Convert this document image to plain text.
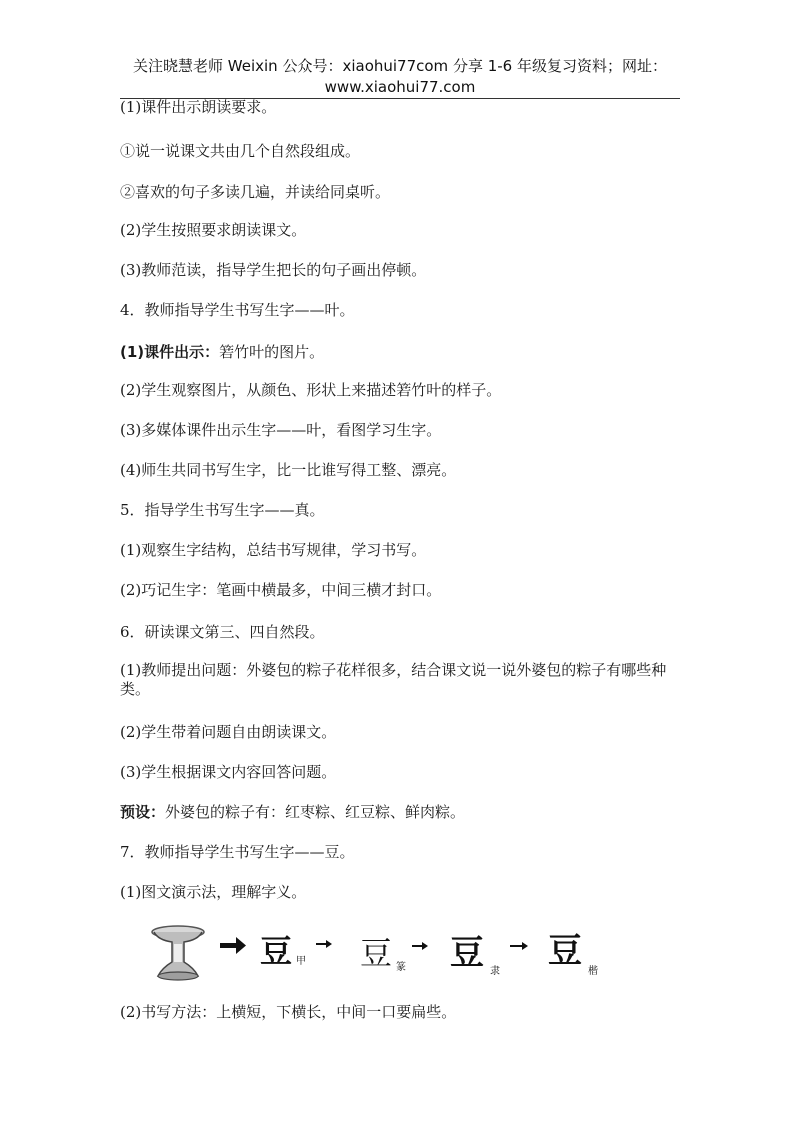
关注晓慧老师 Weixin 公众号：xiaohui77com 分享 1-6 年级复习资料；网址：
www.xiaohui77.com

(1)课件出示朗读要求。

①说一说课文共由几个自然段组成。

②喜欢的句子多读几遍，并读给同桌听。

(2)学生按照要求朗读课文。

(3)教师范读，指导学生把长的句子画出停顿。

4．教师指导学生书写生字——叶。

(1)课件出示：箬竹叶的图片。

(2)学生观察图片，从颜色、形状上来描述箬竹叶的样子。

(3)多媒体课件出示生字——叶，看图学习生字。

(4)师生共同书写生字，比一比谁写得工整、漂亮。

5．指导学生书写生字——真。

(1)观察生字结构，总结书写规律，学习书写。

(2)巧记生字：笔画中横最多，中间三横才封口。

6．研读课文第三、四自然段。

(1)教师提出问题：外婆包的粽子花样很多，结合课文说一说外婆包的粽子有哪些种类。

(2)学生带着问题自由朗读课文。

(3)学生根据课文内容回答问题。

预设：外婆包的粽子有：红枣粽、红豆粽、鲜肉粽。

7．教师指导学生书写生字——豆。

(1)图文演示法，理解字义。

(2)书写方法：上横短，下横长，中间一口要扁些。

豆 甲 豆 篆 豆 隶
豆
楷
